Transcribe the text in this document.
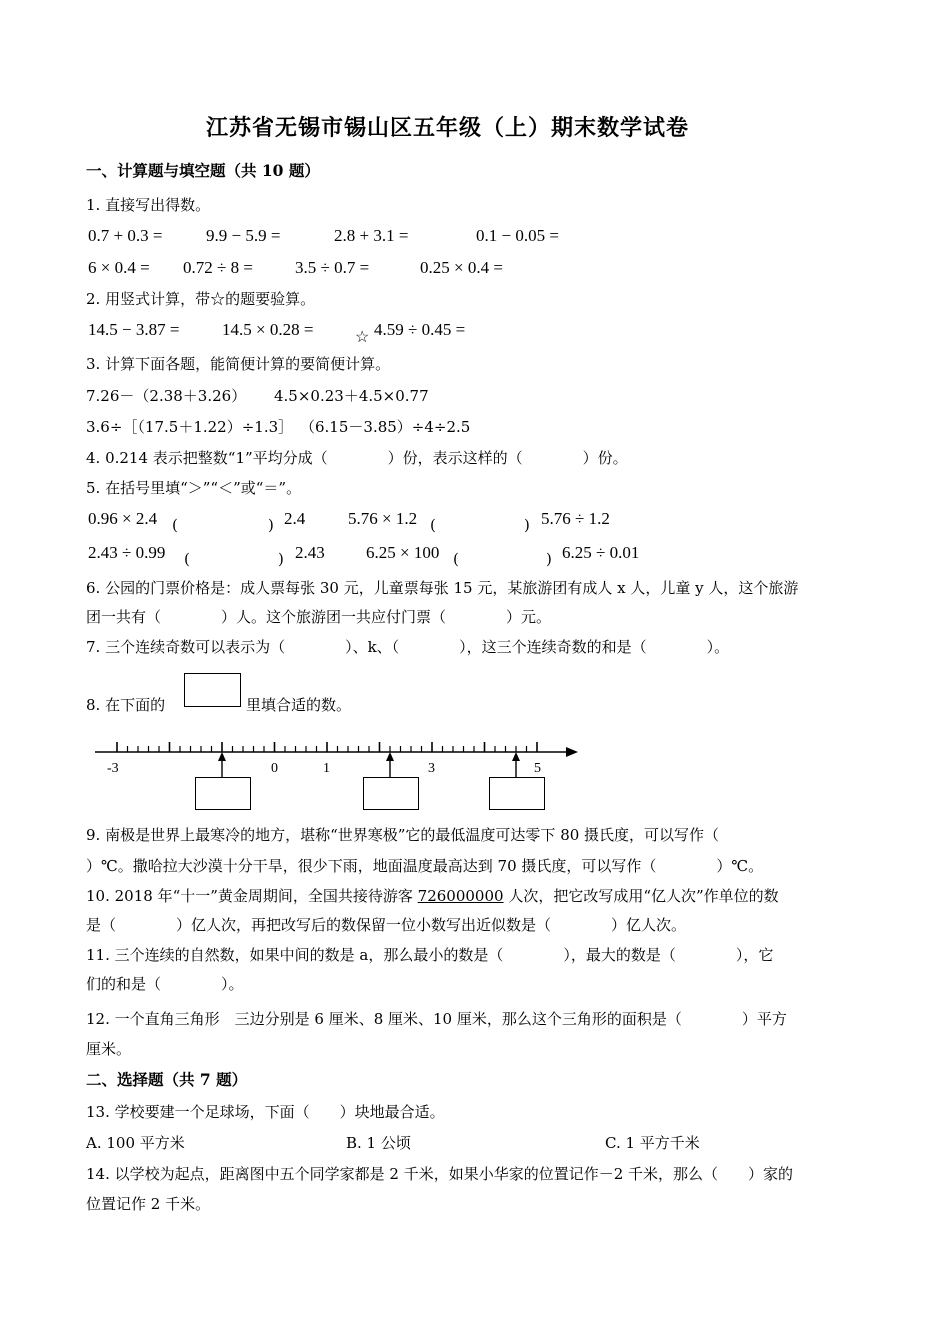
江苏省无锡市锡山区五年级（上）期末数学试卷
一、计算题与填空题（共 10 题）
1. 直接写出得数。
0.7 + 0.3 =	9.9 − 5.9 =	2.8 + 3.1 =	0.1 − 0.05 =
6 × 0.4 = 0.72 ÷ 8 = 3.5 ÷ 0.7 =	0.25 × 0.4 =
2. 用竖式计算，带☆的题要验算。
14.5 − 3.87 =	14.5 × 0.28 =	☆ 4.59 ÷ 0.45 =
3. 计算下面各题，能简便计算的要简便计算。
7.26－（2.38＋3.26） 4.5×0.23＋4.5×0.77
3.6÷［（17.5＋1.22）÷1.3］ （6.15－3.85）÷4÷2.5
4. 0.214 表示把整数“1”平均分成（　　　　）份，表示这样的（　　　　）份。
5. 在括号里填“＞”“＜”或“＝”。
0.96 × 2.4 (	) 2.4	5.76 × 1.2 (	) 5.76 ÷ 1.2
2.43 ÷ 0.99 (	) 2.43 6.25 × 100 (	) 6.25 ÷ 0.01
6. 公园的门票价格是：成人票每张 30 元，儿童票每张 15 元，某旅游团有成人 x 人，儿童 y 人，这个旅游
团一共有（　　　　）人。这个旅游团一共应付门票（　　　　）元。
7. 三个连续奇数可以表示为（　　　　）、k、（　　　　），这三个连续奇数的和是（　　　　）。
8. 在下面的	里填合适的数。
-3	0	1	3	5
9. 南极是世界上最寒冷的地方，堪称“世界寒极”它的最低温度可达零下 80 摄氏度，可以写作（
）℃。撒哈拉大沙漠十分干旱，很少下雨，地面温度最高达到 70 摄氏度，可以写作（　　　　）℃。
10. 2018 年“十一”黄金周期间，全国共接待游客 726000000 人次，把它改写成用“亿人次”作单位的数
是（　　　　）亿人次，再把改写后的数保留一位小数写出近似数是（　　　　）亿人次。
11. 三个连续的自然数，如果中间的数是 a，那么最小的数是（　　　　），最大的数是（　　　　），它
们的和是（　　　　）。
12. 一个直角三角形　三边分别是 6 厘米、8 厘米、10 厘米，那么这个三角形的面积是（　　　　）平方
厘米。
二、选择题（共 7 题）
13. 学校要建一个足球场，下面（　　）块地最合适。
A. 100 平方米	B. 1 公顷	C. 1 平方千米
14. 以学校为起点，距离图中五个同学家都是 2 千米，如果小华家的位置记作－2 千米，那么（　　）家的
位置记作 2 千米。
